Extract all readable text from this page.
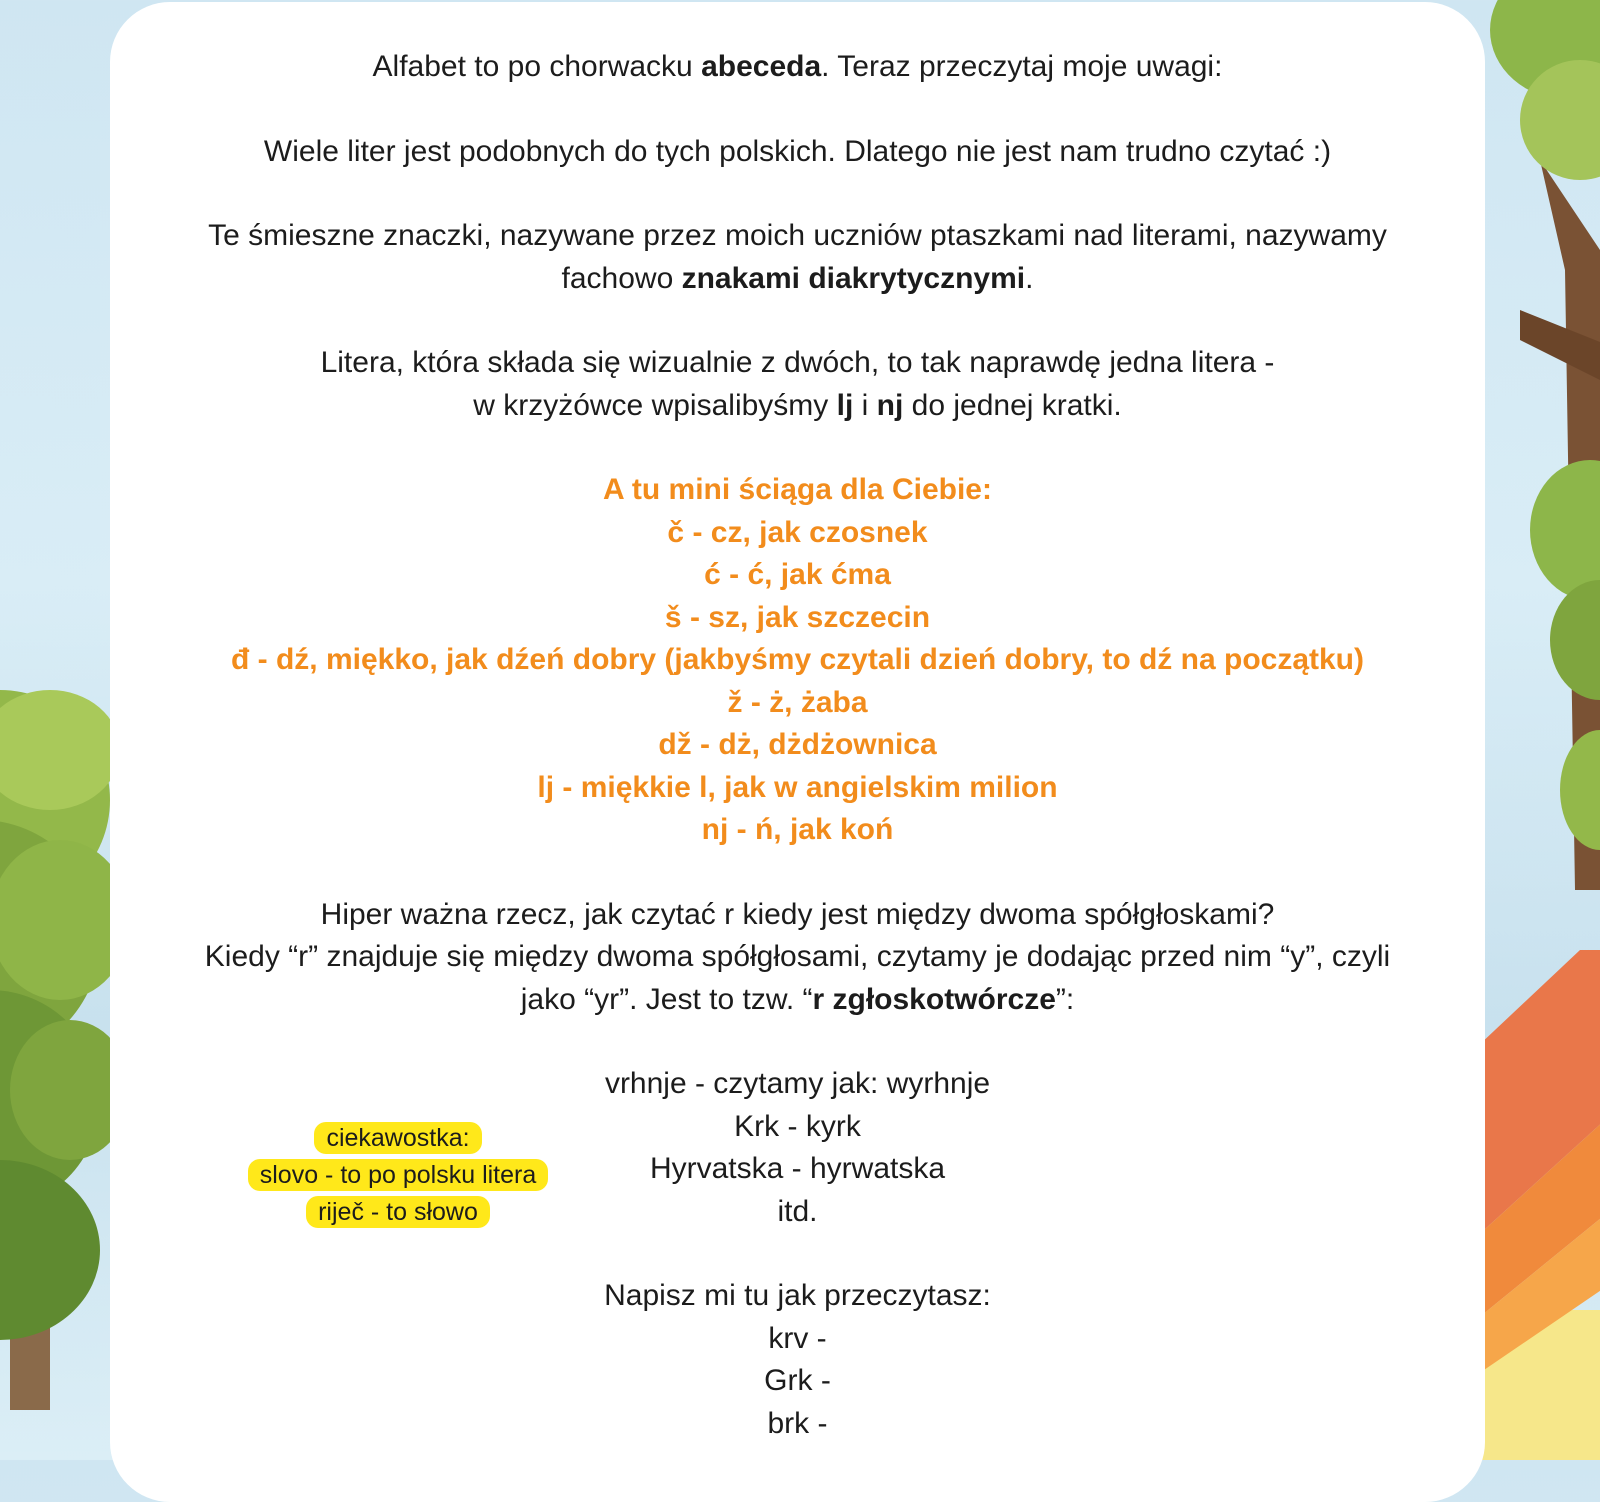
Alfabet to po chorwacku abeceda. Teraz przeczytaj moje uwagi:

Wiele liter jest podobnych do tych polskich. Dlatego nie jest nam trudno czytać :)

Te śmieszne znaczki, nazywane przez moich uczniów ptaszkami nad literami, nazywamy

fachowo znakami diakrytycznymi.

Litera, która składa się wizualnie z dwóch, to tak naprawdę jedna litera -

w krzyżówce wpisalibyśmy lj i nj do jednej kratki.

A tu mini ściąga dla Ciebie:

č - cz, jak czosnek

ć - ć, jak ćma

š - sz, jak szczecin

đ - dź, miękko, jak dźeń dobry (jakbyśmy czytali dzień dobry, to dź na początku)

ž - ż, żaba

dž - dż, dżdżownica

lj - miękkie l, jak w angielskim milion

nj - ń, jak koń

Hiper ważna rzecz, jak czytać r kiedy jest między dwoma spółgłoskami?

Kiedy “r” znajduje się między dwoma spółgłosami, czytamy je dodając przed nim “y”, czyli

jako “yr”. Jest to tzw. “r zgłoskotwórcze”:

vrhnje - czytamy jak: wyrhnje

Krk - kyrk

Hyrvatska - hyrwatska

itd.

Napisz mi tu jak przeczytasz:

krv -

Grk -

brk -

ciekawostka:
slovo - to po polsku litera
riječ - to słowo
